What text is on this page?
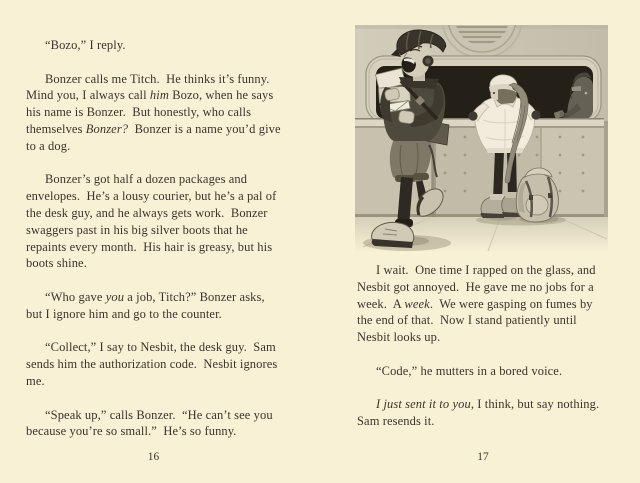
“Bozo,” I reply.

Bonzer calls me Titch.  He thinks it’s funny.  Mind you, I always call him Bozo, when he says his name is Bonzer.  But honestly, who calls themselves Bonzer?  Bonzer is a name you’d give to a dog.

Bonzer’s got half a dozen packages and envelopes.  He’s a lousy courier, but he’s a pal of the desk guy, and he always gets work.  Bonzer swaggers past in his big silver boots that he repaints every month.  His hair is greasy, but his boots shine.

“Who gave you a job, Titch?” Bonzer asks, but I ignore him and go to the counter.

“Collect,” I say to Nesbit, the desk guy.  Sam sends him the authorization code.  Nesbit ignores me.

“Speak up,” calls Bonzer.  “He can’t see you because you’re so small.”  He’s so funny.

16

I wait.  One time I rapped on the glass, and Nesbit got annoyed.  He gave me no jobs for a week.  A week.  We were gasping on fumes by the end of that.  Now I stand patiently until Nesbit looks up.

“Code,” he mutters in a bored voice.

I just sent it to you, I think, but say nothing.  Sam resends it.

17
